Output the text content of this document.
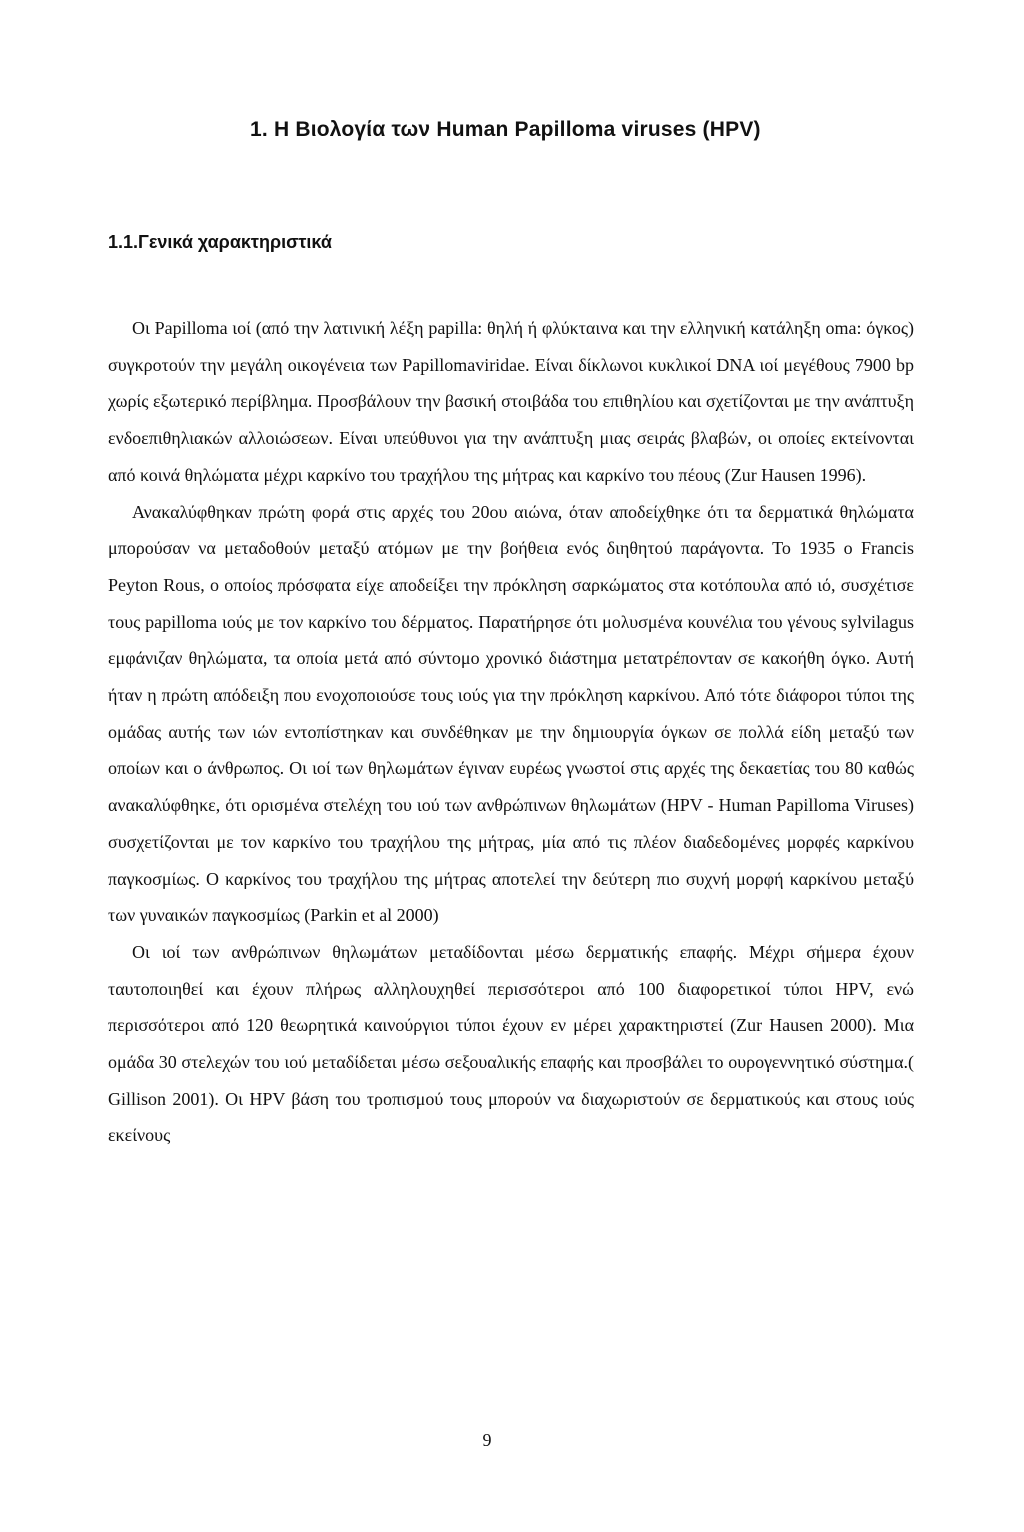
1. Η Βιολογία των Human Papilloma viruses (HPV)
1.1.Γενικά χαρακτηριστικά

Οι Papilloma ιοί (από την λατινική λέξη papilla: θηλή ή φλύκταινα και την ελληνική κατάληξη oma: όγκος) συγκροτούν την μεγάλη οικογένεια των Papillomaviridae. Είναι δίκλωνοι κυκλικοί DNA ιοί μεγέθους 7900 bp χωρίς εξωτερικό περίβλημα. Προσβάλουν την βασική στοιβάδα του επιθηλίου και σχετίζονται με την ανάπτυξη ενδοεπιθηλιακών αλλοιώσεων. Είναι υπεύθυνοι για την ανάπτυξη μιας σειράς βλαβών, οι οποίες εκτείνονται από κοινά θηλώματα μέχρι καρκίνο του τραχήλου της μήτρας και καρκίνο του πέους (Zur Hausen 1996).

Ανακαλύφθηκαν πρώτη φορά στις αρχές του 20ου αιώνα, όταν αποδείχθηκε ότι τα δερματικά θηλώματα μπορούσαν να μεταδοθούν μεταξύ ατόμων με την βοήθεια ενός διηθητού παράγοντα. Το 1935 ο Francis Peyton Rous, ο οποίος πρόσφατα είχε αποδείξει την πρόκληση σαρκώματος στα κοτόπουλα από ιό, συσχέτισε τους papilloma ιούς με τον καρκίνο του δέρματος. Παρατήρησε ότι μολυσμένα κουνέλια του γένους sylvilagus εμφάνιζαν θηλώματα, τα οποία μετά από σύντομο χρονικό διάστημα μετατρέπονταν σε κακοήθη όγκο. Αυτή ήταν η πρώτη απόδειξη που ενοχοποιούσε τους ιούς για την πρόκληση καρκίνου. Από τότε διάφοροι τύποι της ομάδας αυτής των ιών εντοπίστηκαν και συνδέθηκαν με την δημιουργία όγκων σε πολλά είδη μεταξύ των οποίων και ο άνθρωπος. Οι ιοί των θηλωμάτων έγιναν ευρέως γνωστοί στις αρχές της δεκαετίας του 80 καθώς ανακαλύφθηκε, ότι ορισμένα στελέχη του ιού των ανθρώπινων θηλωμάτων (HPV - Human Papilloma Viruses) συσχετίζονται με τον καρκίνο του τραχήλου της μήτρας, μία από τις πλέον διαδεδομένες μορφές καρκίνου παγκοσμίως. Ο καρκίνος του τραχήλου της μήτρας αποτελεί την δεύτερη πιο συχνή μορφή καρκίνου μεταξύ των γυναικών παγκοσμίως (Parkin et al 2000)

Οι ιοί των ανθρώπινων θηλωμάτων μεταδίδονται μέσω δερματικής επαφής. Μέχρι σήμερα έχουν ταυτοποιηθεί και έχουν πλήρως αλληλουχηθεί περισσότεροι από 100 διαφορετικοί τύποι HPV, ενώ περισσότεροι από 120 θεωρητικά καινούργιοι τύποι έχουν εν μέρει χαρακτηριστεί (Zur Hausen 2000). Μια ομάδα 30 στελεχών του ιού μεταδίδεται μέσω σεξουαλικής επαφής και προσβάλει το ουρογεννητικό σύστημα.( Gillison 2001). Οι HPV βάση του τροπισμού τους μπορούν να διαχωριστούν σε δερματικούς και στους ιούς εκείνους

9
